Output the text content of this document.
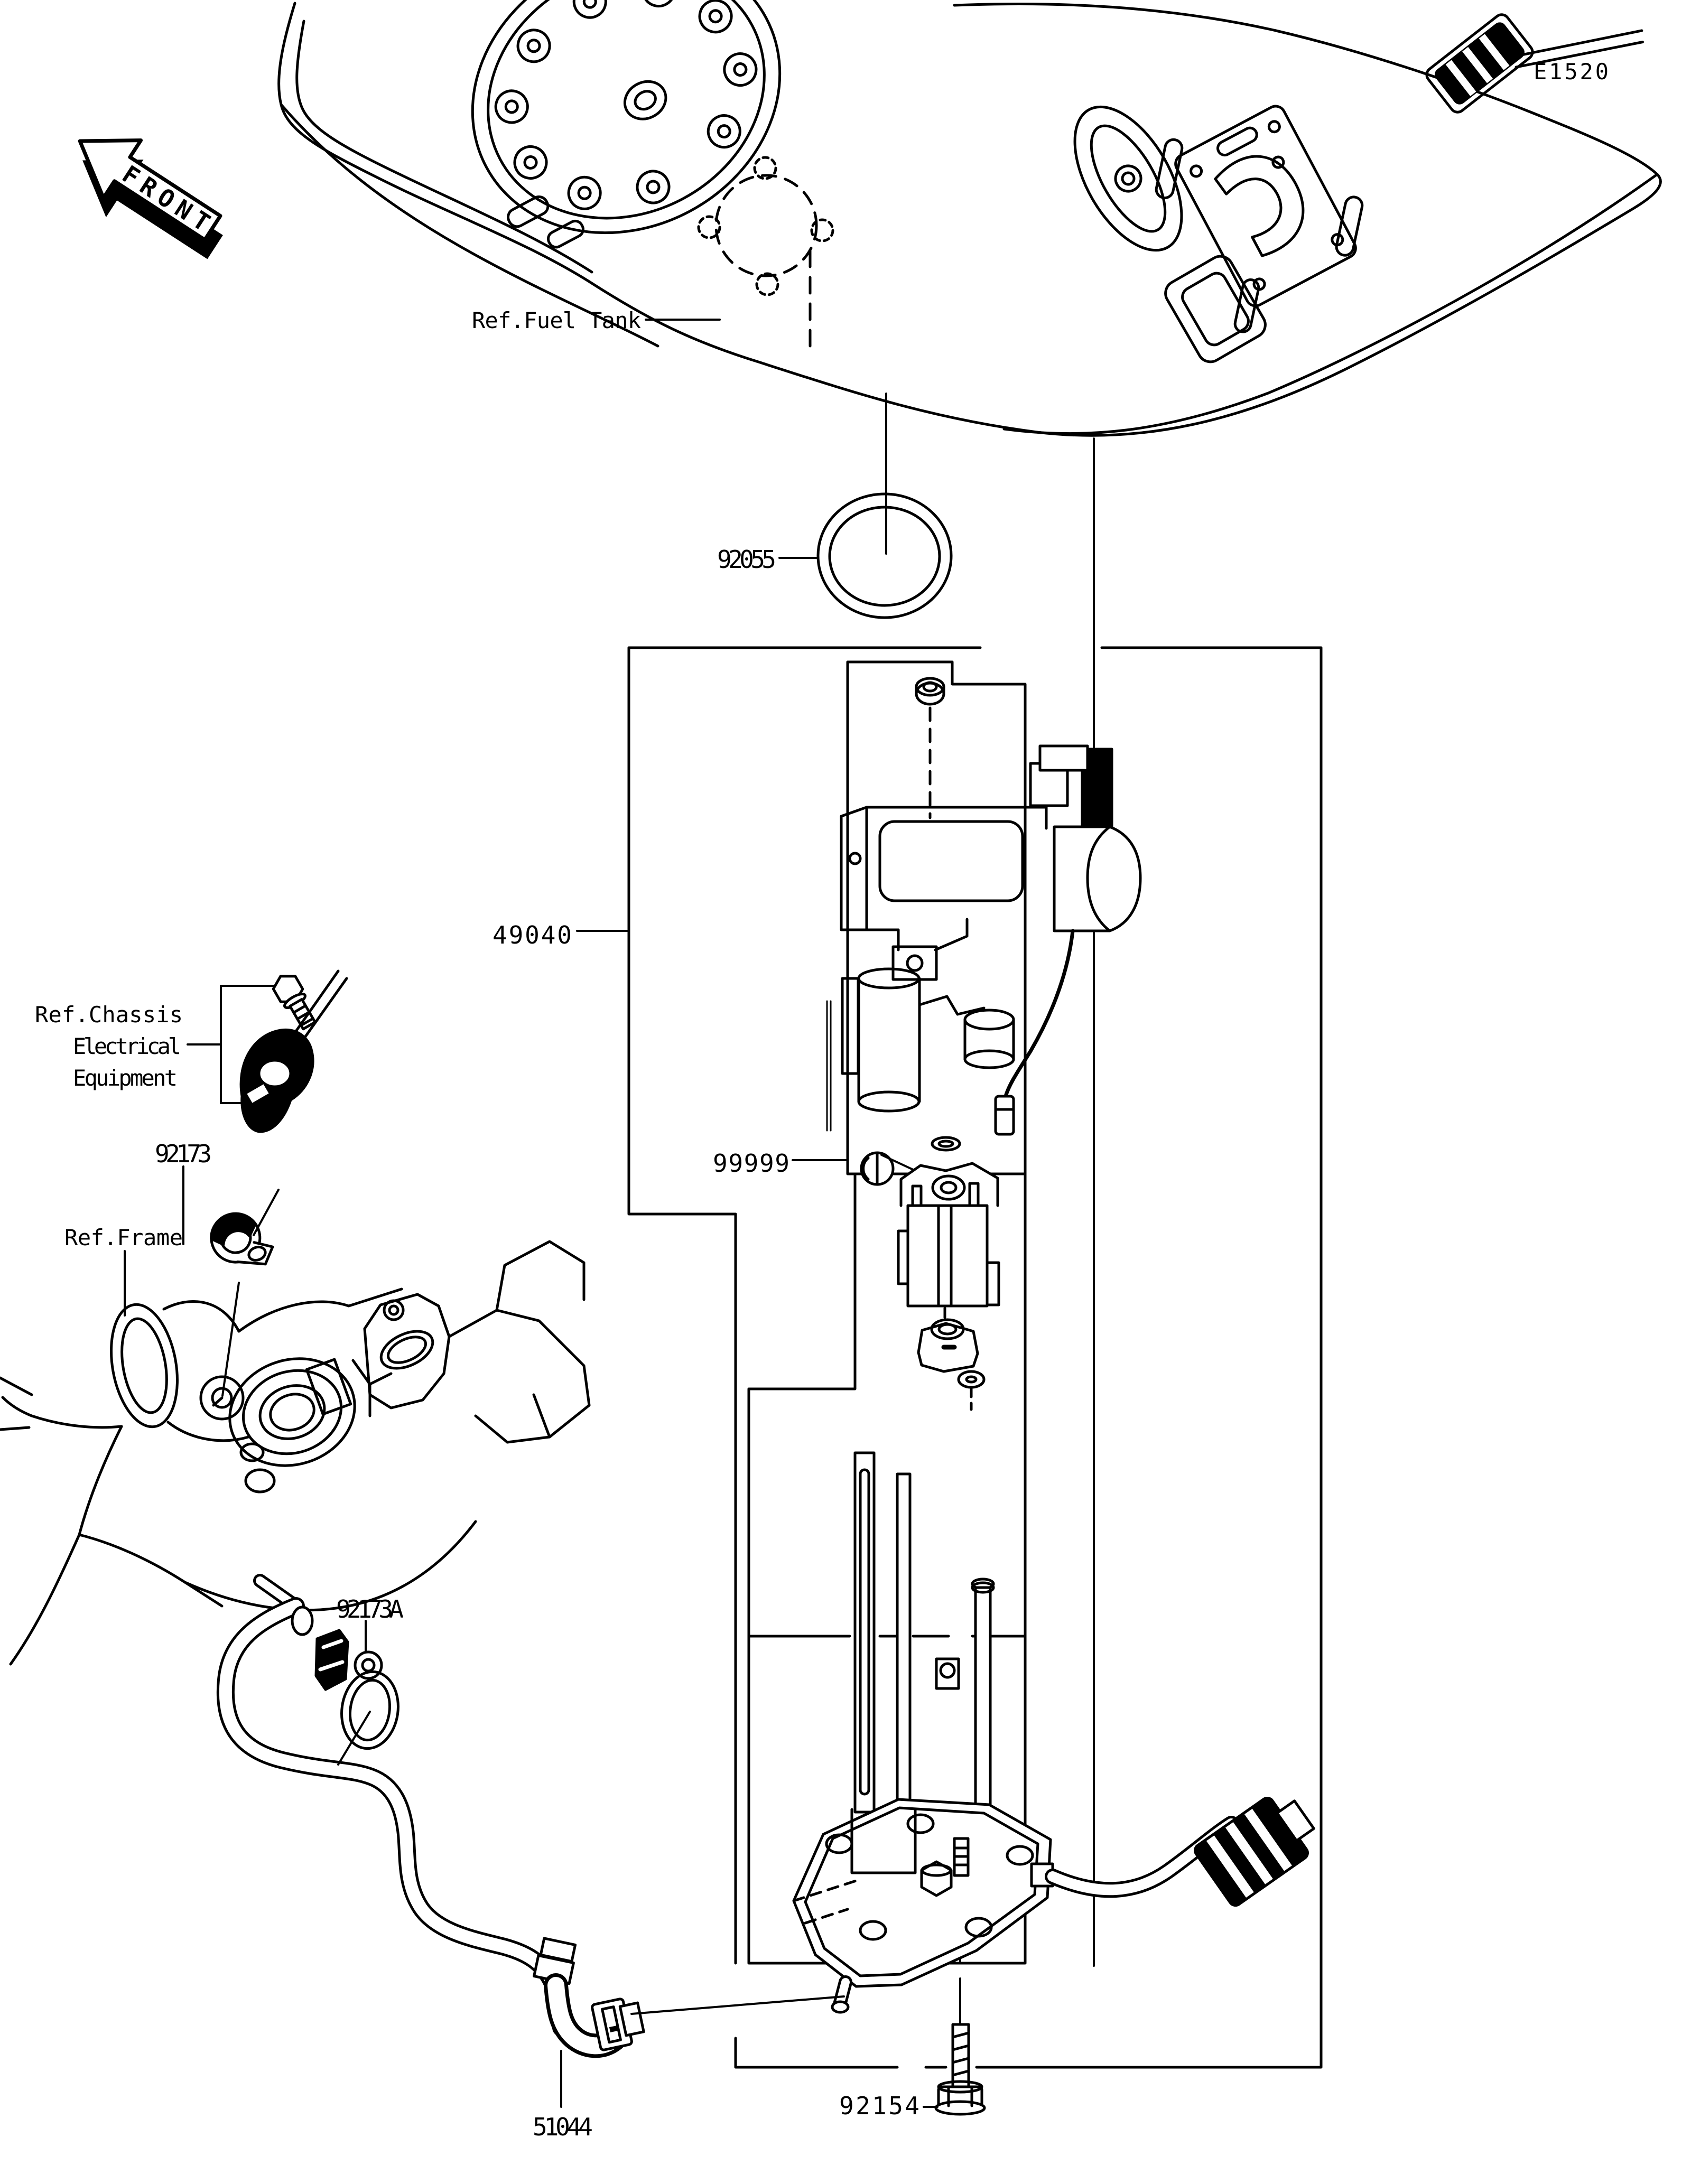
FRONT
E1520
Ref.Fuel Tank
92055
49040
Ref.Chassis
Electrical
Equipment
92173
Ref.Frame
99999
92173A
51044
92154
